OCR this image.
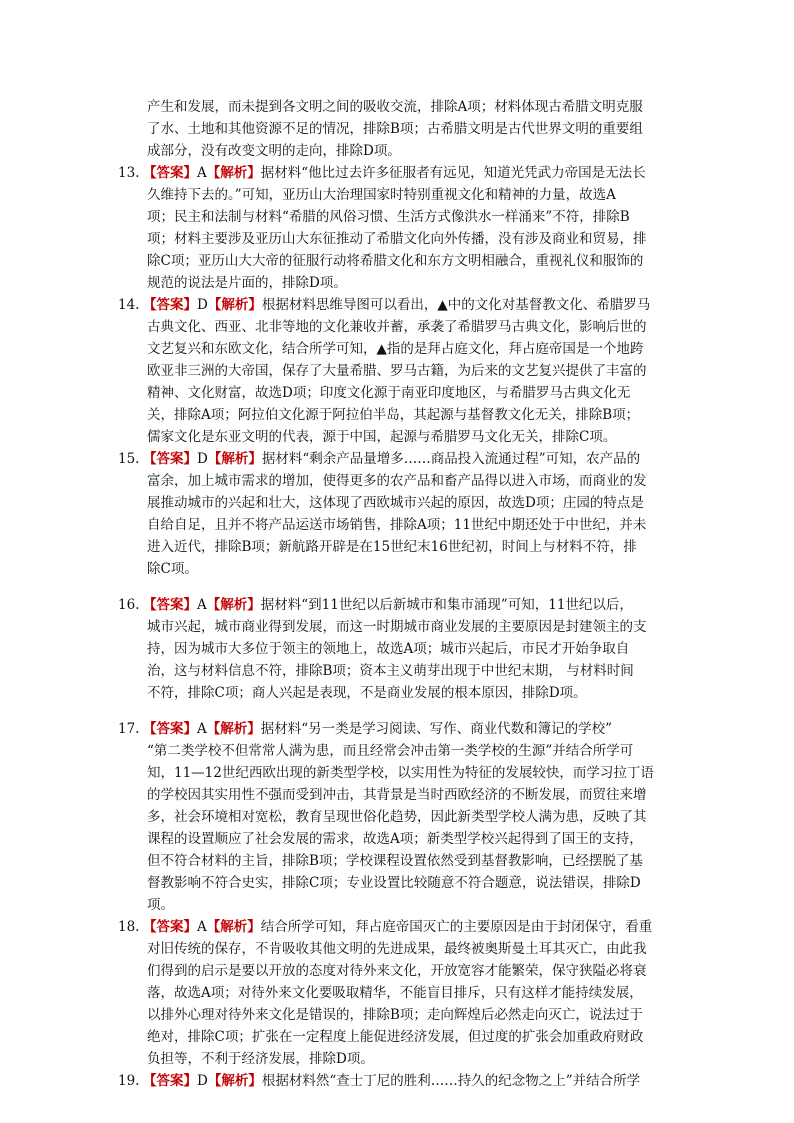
产生和发展，而未提到各文明之间的吸收交流，排除A项；材料体现古希腊文明克服
了水、土地和其他资源不足的情况，排除B项；古希腊文明是古代世界文明的重要组
成部分，没有改变文明的走向，排除D项。
13. 【答案】A【解析】据材料“他比过去许多征服者有远见，知道光凭武力帝国是无法长
久维持下去的。”可知，亚历山大治理国家时特别重视文化和精神的力量，故选A
项；民主和法制与材料“希腊的风俗习惯、生活方式像洪水一样涌来”不符，排除B
项；材料主要涉及亚历山大东征推动了希腊文化向外传播，没有涉及商业和贸易，排
除C项；亚历山大大帝的征服行动将希腊文化和东方文明相融合，重视礼仪和服饰的
规范的说法是片面的，排除D项。
14. 【答案】D【解析】根据材料思维导图可以看出，▲中的文化对基督教文化、希腊罗马
古典文化、西亚、北非等地的文化兼收并蓄，承袭了希腊罗马古典文化，影响后世的
文艺复兴和东欧文化，结合所学可知，▲指的是拜占庭文化，拜占庭帝国是一个地跨
欧亚非三洲的大帝国，保存了大量希腊、罗马古籍，为后来的文艺复兴提供了丰富的
精神、文化财富，故选D项；印度文化源于南亚印度地区，与希腊罗马古典文化无
关，排除A项；阿拉伯文化源于阿拉伯半岛，其起源与基督教文化无关，排除B项；
儒家文化是东亚文明的代表，源于中国，起源与希腊罗马文化无关，排除C项。
15. 【答案】D【解析】据材料“剩余产品量增多……商品投入流通过程”可知，农产品的
富余，加上城市需求的增加，使得更多的农产品和畜产品得以进入市场，而商业的发
展推动城市的兴起和壮大，这体现了西欧城市兴起的原因，故选D项；庄园的特点是
自给自足，且并不将产品运送市场销售，排除A项；11世纪中期还处于中世纪，并未
进入近代，排除B项；新航路开辟是在15世纪末16世纪初，时间上与材料不符，排
除C项。
16. 【答案】A【解析】据材料“到11世纪以后新城市和集市涌现”可知，11世纪以后，
城市兴起，城市商业得到发展，而这一时期城市商业发展的主要原因是封建领主的支
持，因为城市大多位于领主的领地上，故选A项；城市兴起后，市民才开始争取自
治，这与材料信息不符，排除B项；资本主义萌芽出现于中世纪末期， 与材料时间
不符，排除C项；商人兴起是表现，不是商业发展的根本原因，排除D项。
17. 【答案】A【解析】据材料“另一类是学习阅读、写作、商业代数和簿记的学校”
“第二类学校不但常常人满为患，而且经常会冲击第一类学校的生源”并结合所学可
知，11—12世纪西欧出现的新类型学校，以实用性为特征的发展较快，而学习拉丁语
的学校因其实用性不强而受到冲击，其背景是当时西欧经济的不断发展，而贸往来增
多，社会环境相对宽松，教育呈现世俗化趋势，因此新类型学校人满为患，反映了其
课程的设置顺应了社会发展的需求，故选A项；新类型学校兴起得到了国王的支持，
但不符合材料的主旨，排除B项；学校课程设置依然受到基督教影响，已经摆脱了基
督教影响不符合史实，排除C项；专业设置比较随意不符合题意，说法错误，排除D
项。
18. 【答案】A【解析】结合所学可知，拜占庭帝国灭亡的主要原因是由于封闭保守，看重
对旧传统的保存，不肯吸收其他文明的先进成果，最终被奥斯曼土耳其灭亡，由此我
们得到的启示是要以开放的态度对待外来文化，开放宽容才能繁荣，保守狭隘必将衰
落，故选A项；对待外来文化要吸取精华，不能盲目排斥，只有这样才能持续发展，
以排外心理对待外来文化是错误的，排除B项；走向辉煌后必然走向灭亡，说法过于
绝对，排除C项；扩张在一定程度上能促进经济发展，但过度的扩张会加重政府财政
负担等，不利于经济发展，排除D项。
19. 【答案】D【解析】根据材料然“查士丁尼的胜利……持久的纪念物之上”并结合所学
